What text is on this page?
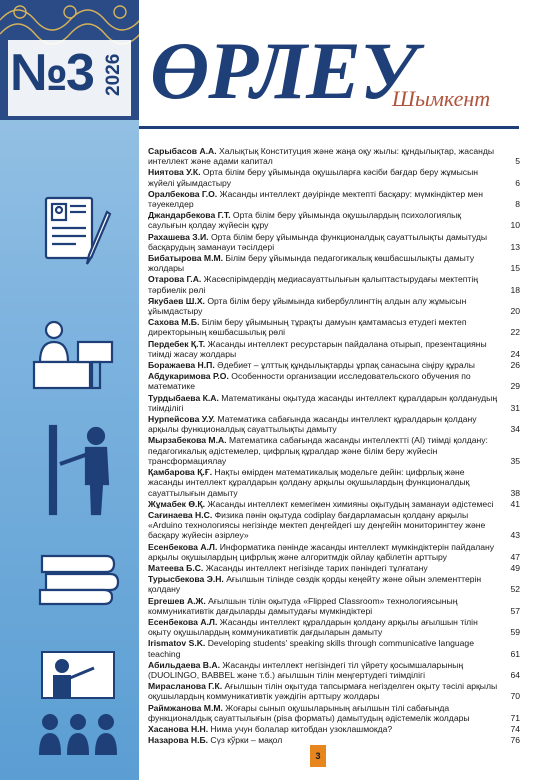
№3 2026 ӨРЛЕУ
Шымкент
Сарыбасов А.А. Халықтық Конституция және жаңа оқу жылы: құндылықтар, жасанды интеллект және адами капитал	5
Ниятова У.К. Орта білім беру ұйымында оқушыларға кәсіби бағдар беру жұмысын жүйелі ұйымдастыру	6
Оралбекова Г.О. Жасанды интеллект дәуірінде мектепті басқару: мүмкіндіктер мен тәуекелдер	8
Джандарбекова Г.Т. Орта білім беру ұйымында оқушылардың психологиялық саулығын қолдау жүйесін құру	10
Рахашева З.И. Орта білім беру ұйымында функционалдық сауаттылықты дамытуды басқарудың заманауи тәсілдері	13
Бибатырова М.М. Білім беру ұйымында педагогикалық көшбасшылықты дамыту жолдары	15
Отарова Г.А. Жасөспірімдердің медиасауаттылығын қалыптастырудағы мектептің тәрбиелік рөлі	18
Якубаев Ш.Х. Орта білім беру ұйымында кибербуллингтің алдын алу жұмысын ұйымдастыру	20
Сахова М.Б. Білім беру ұйымының тұрақты дамуын қамтамасыз етудегі мектеп директорының көшбасшылық рөлі	22
Пердебек Қ.Т. Жасанды интеллект ресурстарын пайдалана отырып, презентацияны тиімді жасау жолдары	24
Боражаева Н.П. Әдебиет – ұлттық құндылықтарды ұрпақ санасына сіңіру құралы	26
Абдукаримова Р.О. Особенности организации исследовательского обучения по математике	29
Турдыбаева К.А. Математиканы оқытуда жасанды интеллект құралдарын қолданудың тиімділігі	31
Нурпейсова У.У. Математика сабағында жасанды интеллект құралдарын қолдану арқылы функционалдық сауаттылықты дамыту	34
Мырзабекова М.А. Математика сабағында жасанды интеллектті (AI) тиімді қолдану: педагогикалық әдістемелер, цифрлық құралдар және білім беру жүйесін трансформациялау	35
Қамбарова Қ.Ғ. Нақты өмірден математикалық модельге дейін: цифрлық және жасанды интеллект құралдарын қолдану арқылы оқушылардың функционалдық сауаттылығын дамыту	38
Жұмабек Ө.Қ. Жасанды интеллект кемегімен химияны оқытудың заманауи әдістемесі 41
Сағинаева Н.С. Физика пәнін оқытуда codiplay бағдарламасын қолдану арқылы «Arduino технологиясы негізінде мектеп деңгейдегі шу деңгейін мониторингтеу және басқару жүйесін әзірлеу»	43
Есенбекова А.Л. Информатика пәнінде жасанды интеллект мүмкіндіктерін пайдалану арқылы оқушылардың цифрлық және алгоритмдік ойлау қабілетін арттыру	47
Матеева Б.С. Жасанды интеллект негізінде тарих пәніндегі тұлғатану	49
Турысбекова Э.Н. Ағылшын тілінде сөздік қорды кеңейту және ойын элементтерін қолдану	52
Ергешев А.Ж. Ағылшын тілін оқытуда «Flipped Classroom» технологиясының коммуникативтік дағдыларды дамытудағы мүмкіндіктері	57
Есенбекова А.Л. Жасанды интеллект құралдарын қолдану арқылы ағылшын тілін оқыту оқушылардың коммуникативтік дағдыларын дамыту	59
Irismatov S.K. Developing students' speaking skills through communicative language teaching	61
Абильдаева В.А. Жасанды интеллект негізіндегі тіл үйрету қосымшаларының (DUOLINGO, BABBEL және т.б.) ағылшын тілін меңгертудегі тиімділігі	64
Мирасланова Г.К. Ағылшын тілін оқытуда тапсырмаға негізделген оқыту тәсілі арқылы оқушылардың коммуникативтік уәждігін арттыру жолдары	70
Раймжанова М.М. Жоғары сынып оқушыларының ағылшын тілі сабағында функционалдық сауаттылығын (pisa форматы) дамытудың әдістемелік жолдары	71
Хасанова Н.Н. Нима учун болалар китобдан узоклашмокда?	74
Назарова Н.Б. Сүз кўрки – мақол	76
3
